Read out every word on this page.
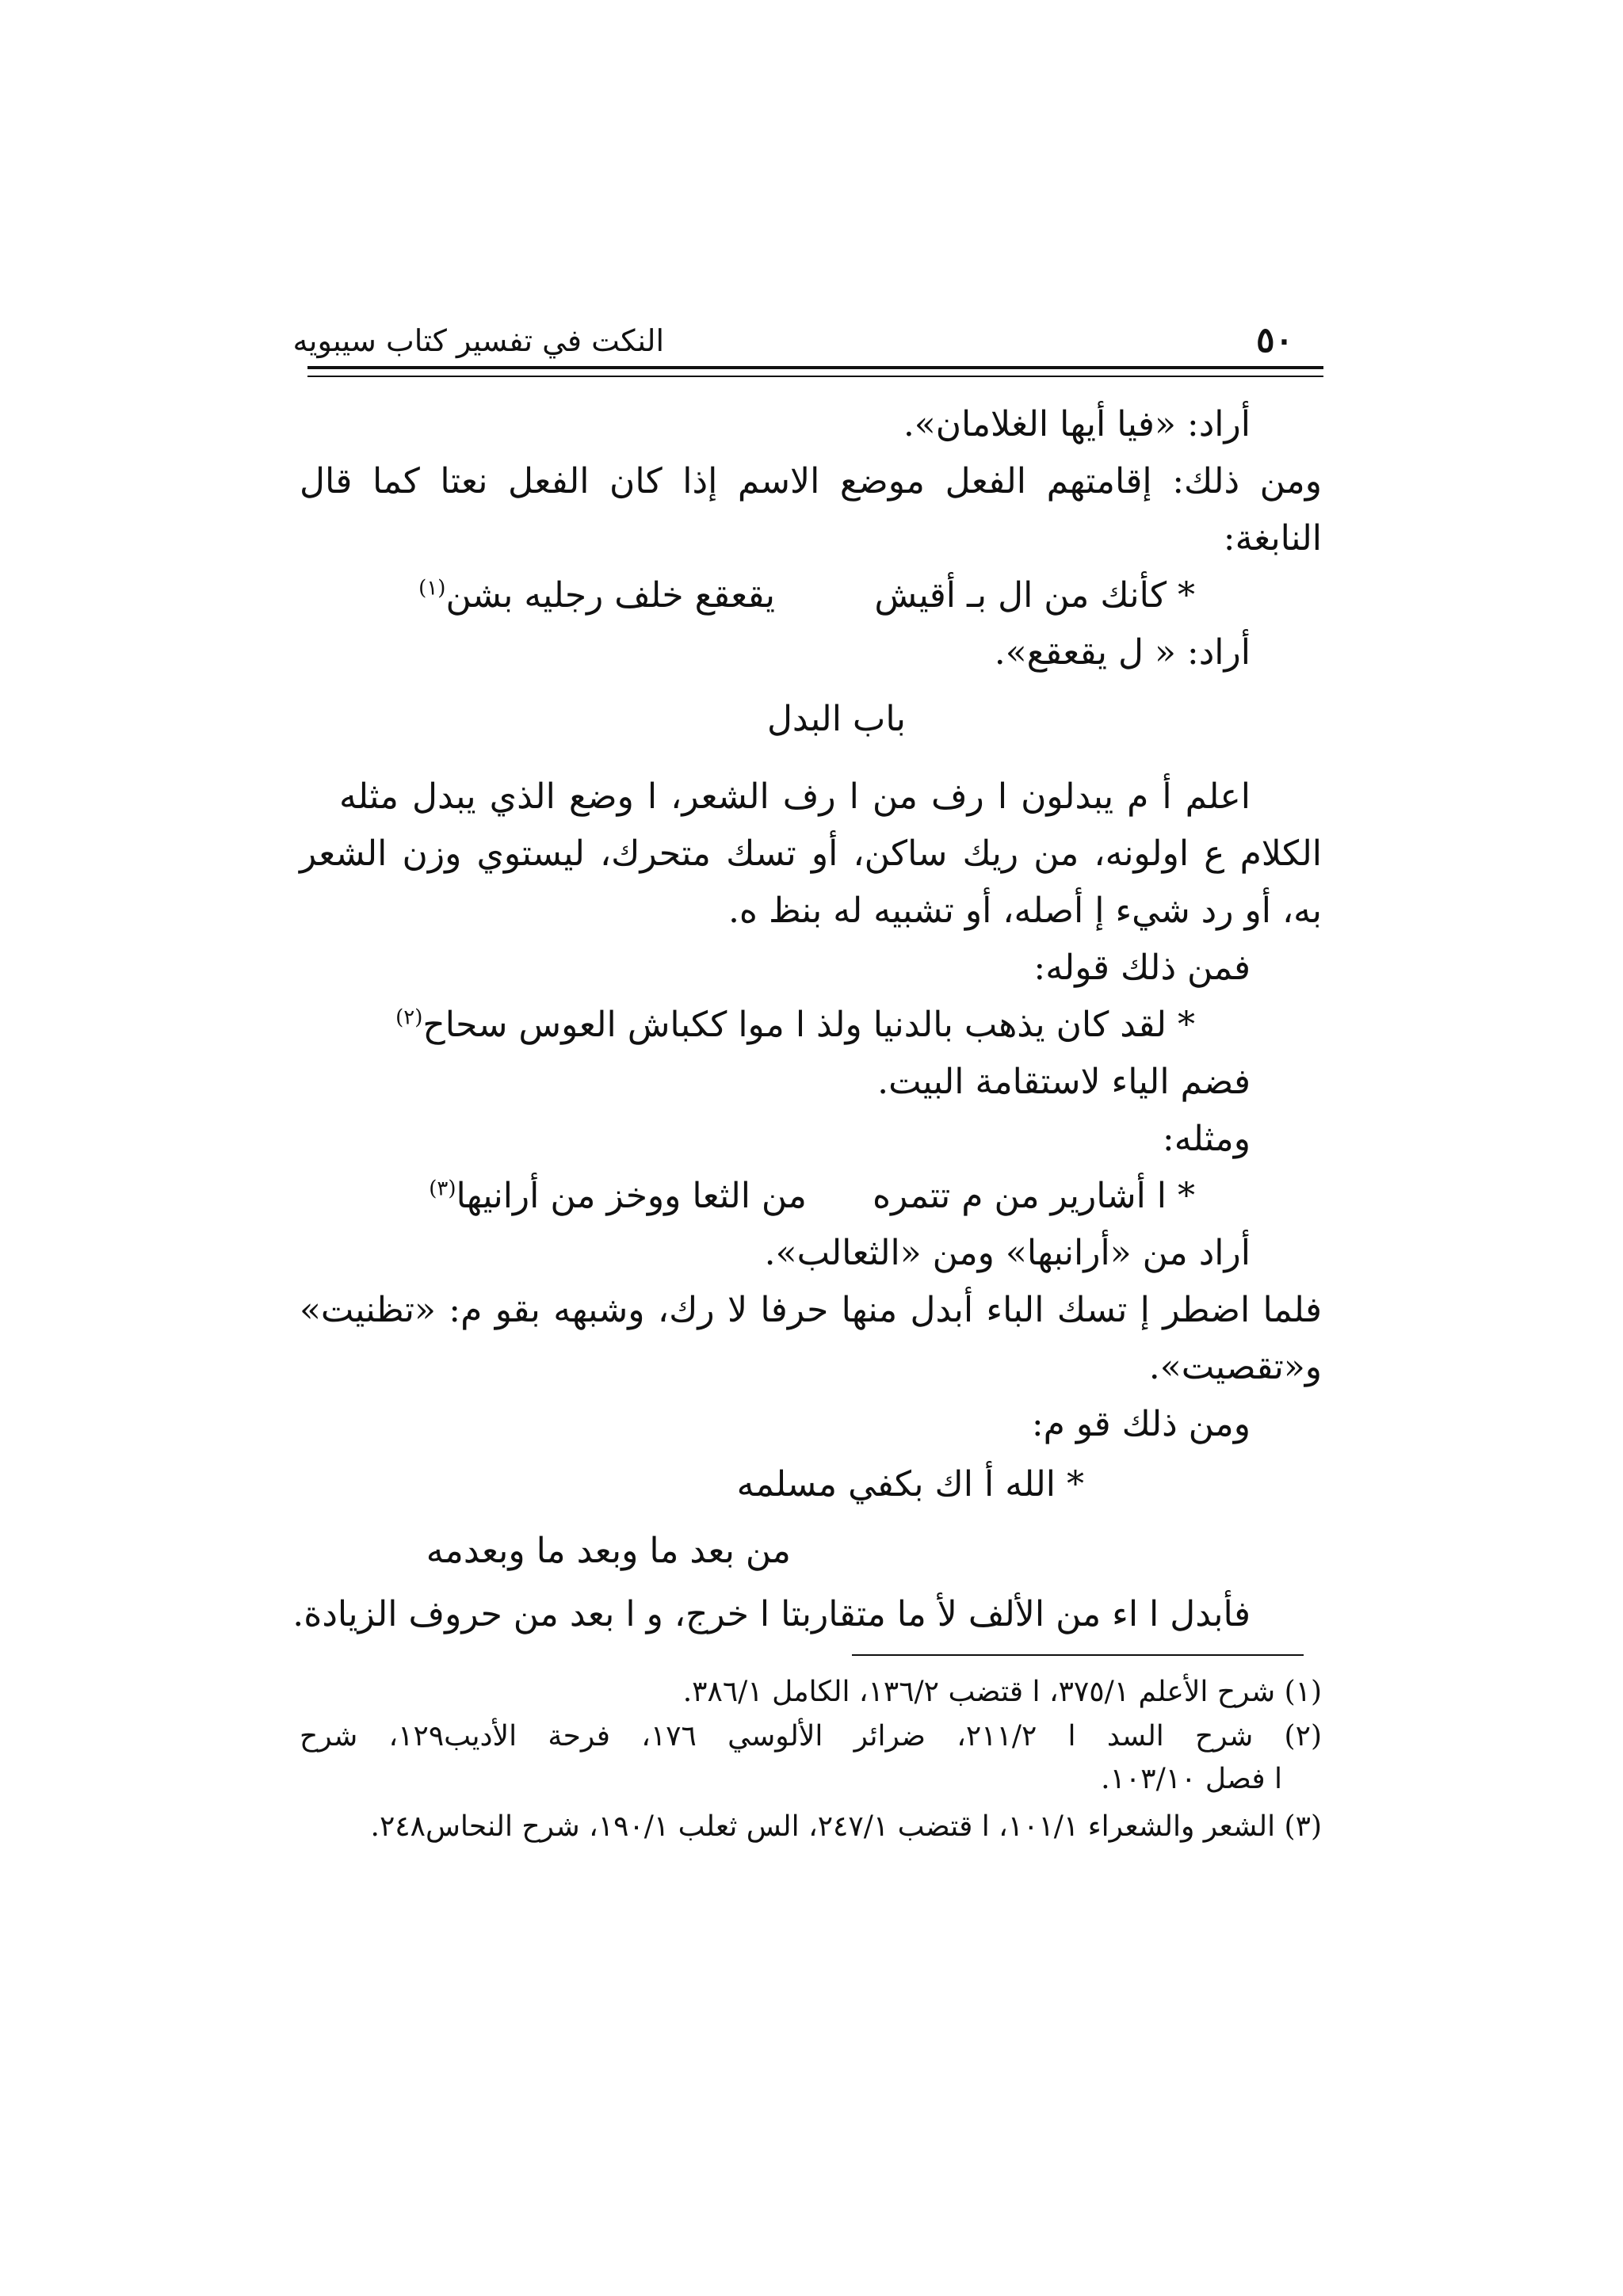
النكت في تفسير كتاب سيبويه	٥٠
أراد: «فيا أيها الغلامان».
ومن ذلك: إقامتهم الفعل موضع الاسم إذا كان الفعل نعتا كما قال
النابغة:
* كأنك من ال بـ أقيش
يقعقع خلف رجليه بشن$^{(١)}$
أراد: « ل يقعقع».
باب البدل
اعلم أ م يبدلون ا رف من ا رف الشعر، ا وضع الذي يبدل مثله
الكلام ع اولونه، من ريك ساكن، أو تسك متحرك، ليستوي وزن الشعر
به، أو رد شيء إ أصله، أو تشبيه له بنظ ه.
فمن ذلك قوله:
* لقد كان يذهب بالدنيا ولذ ا موا ككباش العوس سحاح$^{(٢)}$
فضم الياء لاستقامة البيت.
ومثله:
* ا أشارير من م تتمره
من الثعا ووخز من أرانيها$^{(٣)}$
أراد من «أرانبها» ومن «الثعالب».
فلما اضطر إ تسك الباء أبدل منها حرفا لا رك، وشبهه بقو م: «تظنيت»
و«تقصيت».
ومن ذلك قو م:
* الله أ اك بكفي مسلمه
من بعد ما وبعد ما وبعدمه
فأبدل ا اء من الألف لأ ما متقاربتا ا خرج، و ا بعد من حروف الزيادة.
(١) شرح الأعلم ٣٧٥/١، ا قتضب ١٣٦/٢، الكامل ٣٨٦/١.
(٢) شرح السد ا ٢١١/٢، ضرائر الألوسي ١٧٦، فرحة الأديب١٢٩، شرح
ا فصل ١٠٣/١٠.
(٣) الشعر والشعراء ١٠١/١، ا قتضب ٢٤٧/١، الس ثعلب ١٩٠/١، شرح النحاس٢٤٨.
